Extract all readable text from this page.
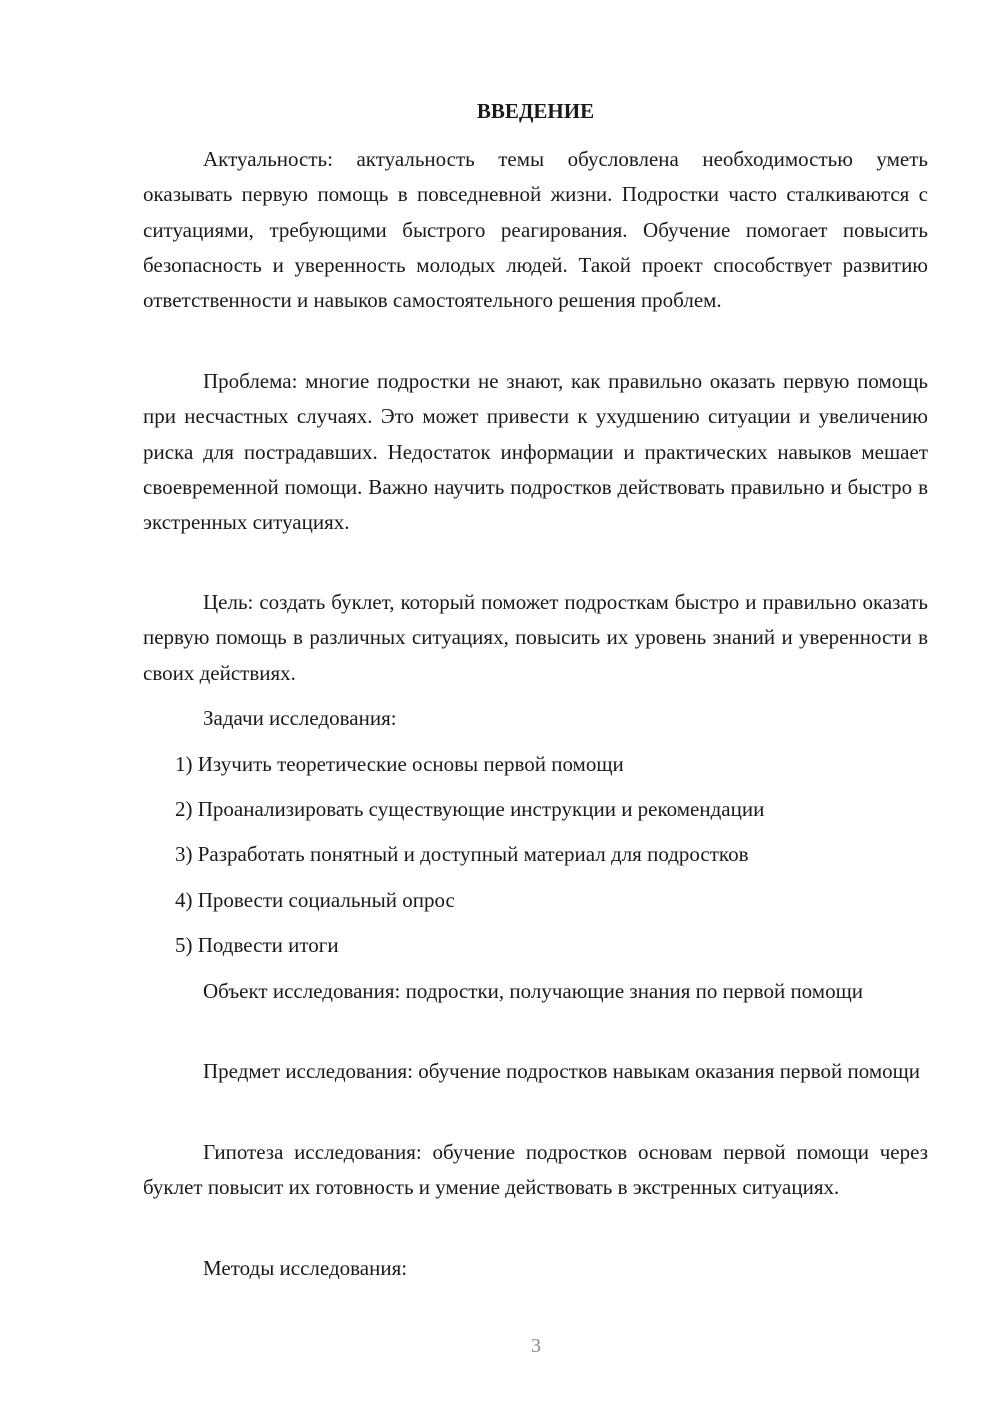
ВВЕДЕНИЕ

Актуальность: актуальность темы обусловлена необходимостью уметь оказывать первую помощь в повседневной жизни. Подростки часто сталкиваются с ситуациями, требующими быстрого реагирования. Обучение помогает повысить безопасность и уверенность молодых людей. Такой проект способствует развитию ответственности и навыков самостоятельного решения проблем.

Проблема: многие подростки не знают, как правильно оказать первую помощь при несчастных случаях. Это может привести к ухудшению ситуации и увеличению риска для пострадавших. Недостаток информации и практических навыков мешает своевременной помощи. Важно научить подростков действовать правильно и быстро в экстренных ситуациях.

Цель: создать буклет, который поможет подросткам быстро и правильно оказать первую помощь в различных ситуациях, повысить их уровень знаний и уверенности в своих действиях.

Задачи исследования:

1) Изучить теоретические основы первой помощи

2) Проанализировать существующие инструкции и рекомендации

3) Разработать понятный и доступный материал для подростков

4) Провести социальный опрос

5) Подвести итоги

Объект исследования: подростки, получающие знания по первой помощи

Предмет исследования: обучение подростков навыкам оказания первой помощи

Гипотеза исследования: обучение подростков основам первой помощи через буклет повысит их готовность и умение действовать в экстренных ситуациях.

Методы исследования:

3
